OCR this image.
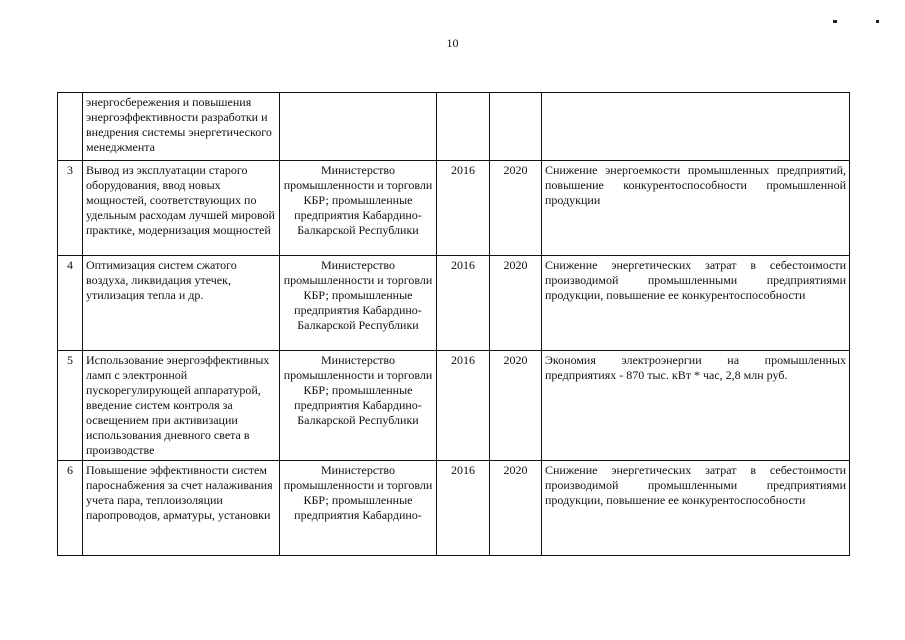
10
	энергосбережения и повышения энергоэффективности разработки и внедрения системы энергетического менеджмента				
3	Вывод из эксплуатации старого оборудования, ввод новых мощностей, соответствующих по удельным расходам лучшей мировой практике, модернизация мощностей	Министерство промышленности и торговли КБР; промышленные предприятия Кабардино-Балкарской Республики	2016	2020	Снижение энергоемкости промышленных предприятий, повышение конкурентоспособности промышленной продукции
4	Оптимизация систем сжатого воздуха, ликвидация утечек, утилизация тепла и др.	Министерство промышленности и торговли КБР; промышленные предприятия Кабардино-Балкарской Республики	2016	2020	Снижение энергетических затрат в себестоимости производимой промышленными предприятиями продукции, повышение ее конкурентоспособности
5	Использование энергоэффективных ламп с электронной пускорегулирующей аппаратурой, введение систем контроля за освещением при активизации использования дневного света в производстве	Министерство промышленности и торговли КБР; промышленные предприятия Кабардино-Балкарской Республики	2016	2020	Экономия электроэнергии на промышленных предприятиях - 870 тыс. кВт * час, 2,8 млн руб.
6	Повышение эффективности систем пароснабжения за счет налаживания учета пара, теплоизоляции паропроводов, арматуры, установки	Министерство промышленности и торговли КБР; промышленные предприятия Кабардино-	2016	2020	Снижение энергетических затрат в себестоимости производимой промышленными предприятиями продукции, повышение ее конкурентоспособности
